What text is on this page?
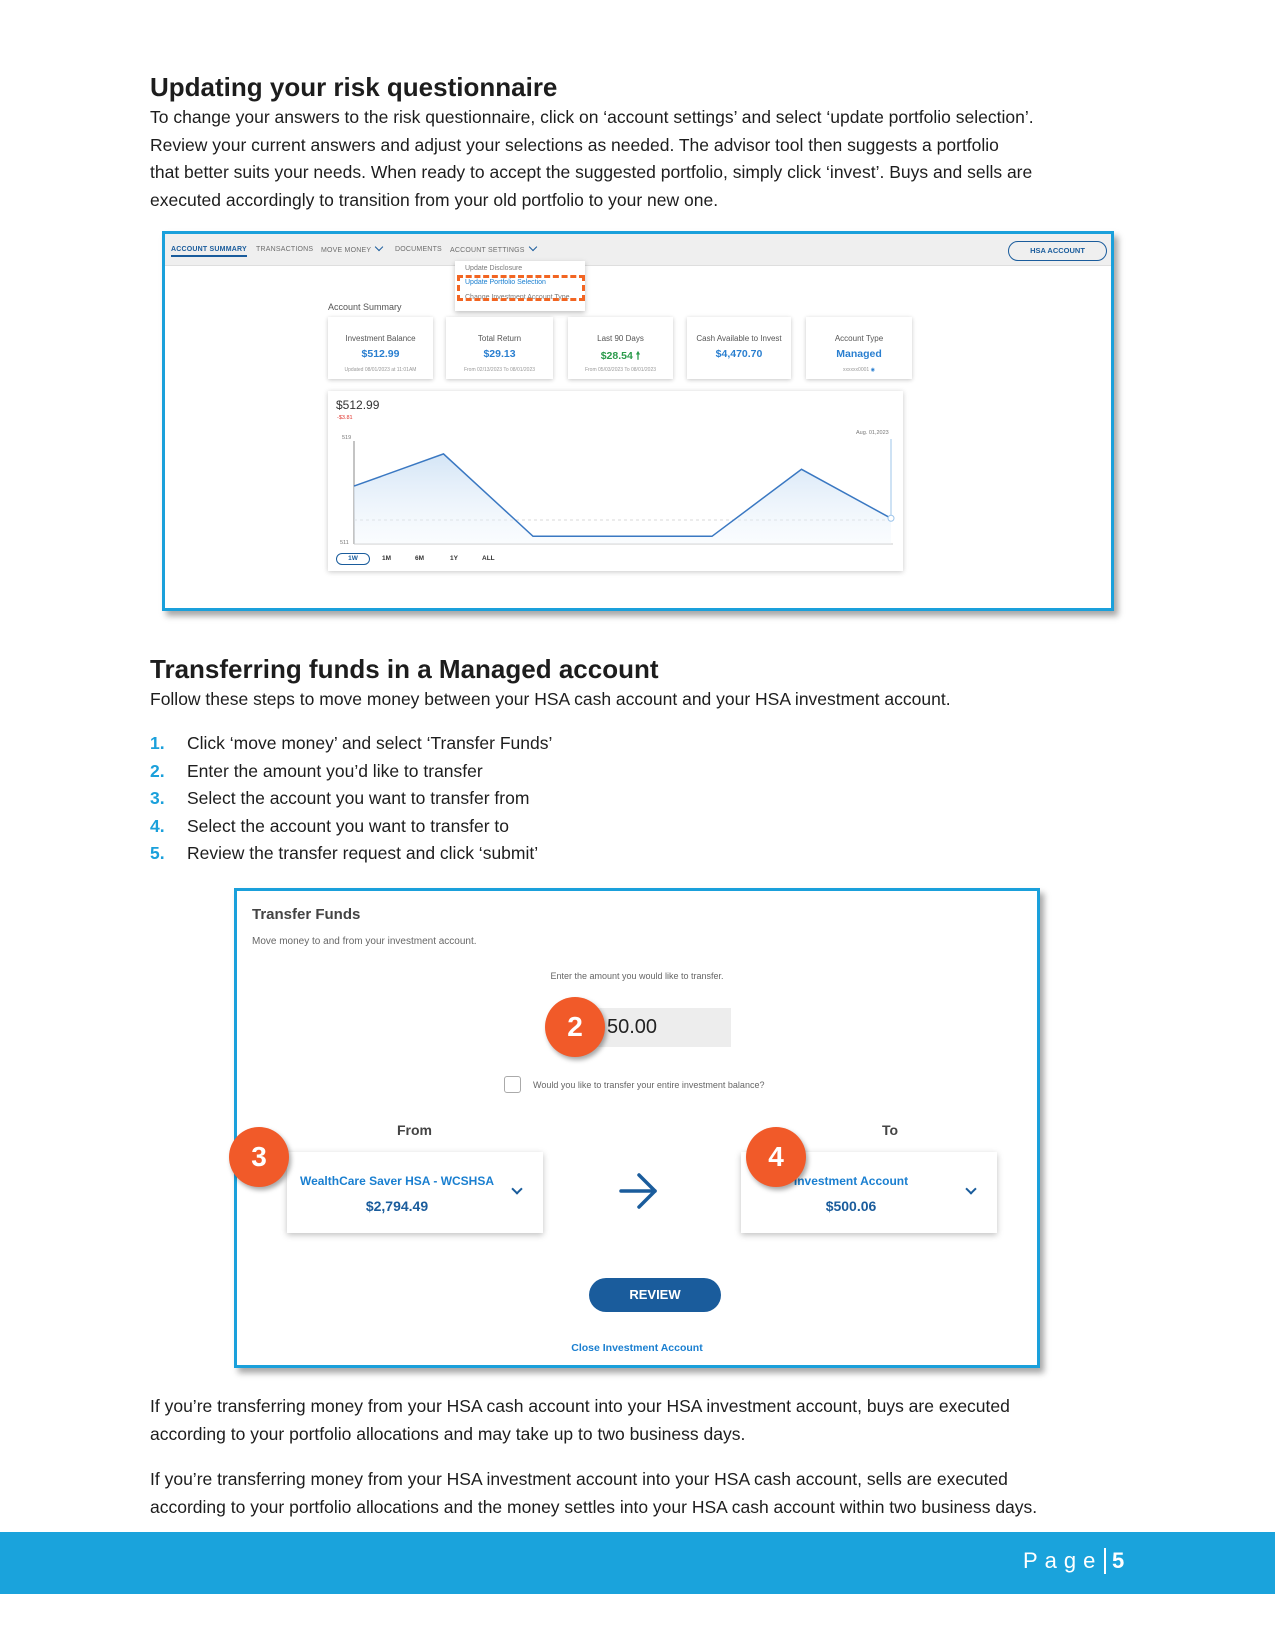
Updating your risk questionnaire
To change your answers to the risk questionnaire, click on ‘account settings’ and select ‘update portfolio selection’.
Review your current answers and adjust your selections as needed. The advisor tool then suggests a portfolio
that better suits your needs. When ready to accept the suggested portfolio, simply click ‘invest’. Buys and sells are
executed accordingly to transition from your old portfolio to your new one.
ACCOUNT SUMMARY TRANSACTIONS MOVE MONEY	DOCUMENTS ACCOUNT SETTINGS	HSA ACCOUNT
Update Disclosure
Update Portfolio Selection
Change Investment Account Type
Account Summary
Investment Balance
$512.99
Updated 08/01/2023 at 11:01AM
Total Return
$29.13
From 02/13/2023 To 08/01/2023
Last 90 Days
$28.54 🠕
From 05/03/2023 To 08/01/2023
Cash Available to Invest
$4,470.70
Account Type
Managed
xxxxxx0001 ◉
$512.99
-$3.81
519
511
Aug. 01,2023
1W	1M	6M	1Y	ALL
Transferring funds in a Managed account
Follow these steps to move money between your HSA cash account and your HSA investment account.
1. Click ‘move money’ and select ‘Transfer Funds’
2. Enter the amount you’d like to transfer
3. Select the account you want to transfer from
4. Select the account you want to transfer to
5. Review the transfer request and click ‘submit’
Transfer Funds
Move money to and from your investment account.
Enter the amount you would like to transfer.
50.00
2
Would you like to transfer your entire investment balance?
From	To
WealthCare Saver HSA - WCSHSA
$2,794.49
3
Investment Account
$500.06
4
REVIEW
Close Investment Account
If you’re transferring money from your HSA cash account into your HSA investment account, buys are executed
according to your portfolio allocations and may take up to two business days.
If you’re transferring money from your HSA investment account into your HSA cash account, sells are executed
according to your portfolio allocations and the money settles into your HSA cash account within two business days.
Page 5
